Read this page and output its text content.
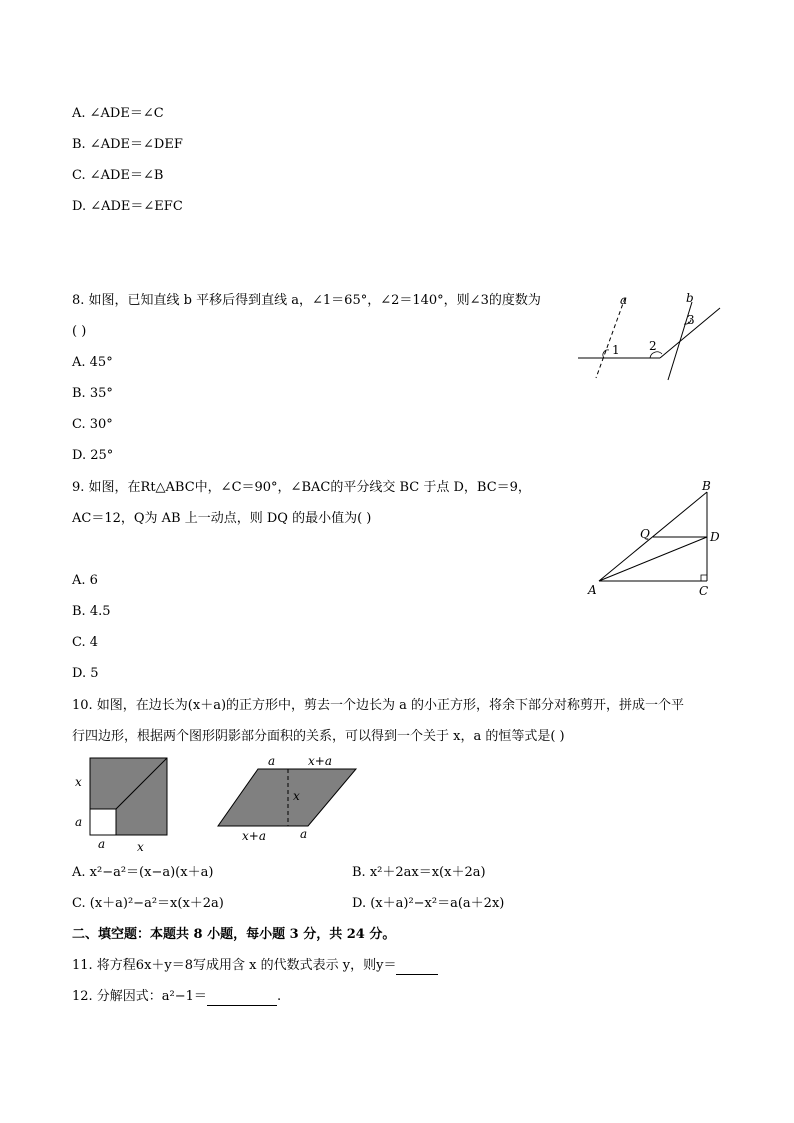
A. ∠ADE＝∠C
B. ∠ADE＝∠DEF
C. ∠ADE＝∠B
D. ∠ADE＝∠EFC
8. 如图，已知直线 b 平移后得到直线 a，∠1＝65°，∠2＝140°，则∠3的度数为
( )
A. 45°
B. 35°
C. 30°
D. 25°
a	b
1 2
3
9. 如图，在Rt△ABC中，∠C＝90°，∠BAC的平分线交 BC 于点 D，BC＝9，
AC＝12，Q为 AB 上一动点，则 DQ 的最小值为( )
A. 6
B. 4.5
C. 4
D. 5
A
B
C
D
Q
10. 如图，在边长为(x＋a)的正方形中，剪去一个边长为 a 的小正方形，将余下部分对称剪开，拼成一个平
行四边形，根据两个图形阴影部分面积的关系，可以得到一个关于 x，a 的恒等式是( )
x
a
a	x
a	x+a
x
x+a	a
A. x²−a²＝(x−a)(x＋a)	B. x²＋2ax＝x(x＋2a)
C. (x＋a)²−a²＝x(x＋2a)	D. (x＋a)²−x²＝a(a＋2x)
二、填空题：本题共 8 小题，每小题 3 分，共 24 分。
11. 将方程6x＋y＝8写成用含 x 的代数式表示 y，则y＝
12. 分解因式：a²−1＝	.
